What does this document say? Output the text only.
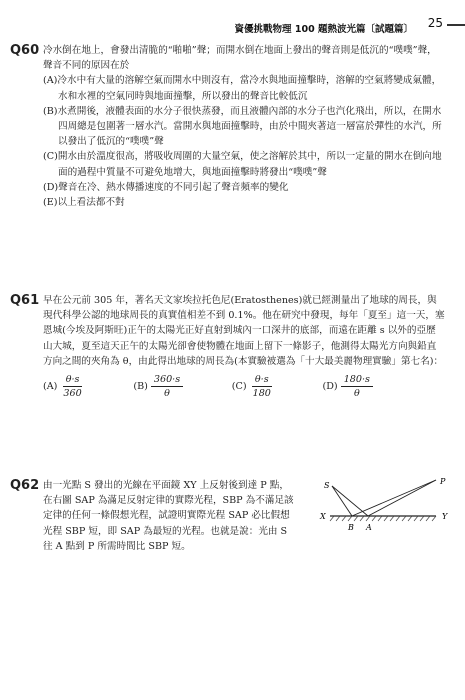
資優挑戰物理 100 題熱波光篇〔試題篇〕 25
Q60 冷水倒在地上，會發出清脆的“啪啪”聲；而開水倒在地面上發出的聲音則是低沉的“噗噗”聲，聲音不同的原因在於
(A)冷水中有大量的溶解空氣而開水中則沒有，當冷水與地面撞擊時，溶解的空氣將變成氣體，水和水裡的空氣同時與地面撞擊，所以發出的聲音比較低沉
(B)水煮開後，液體表面的水分子很快蒸發，而且液體內部的水分子也汽化飛出，所以，在開水四周總是包圍著一層水汽。當開水與地面撞擊時，由於中間夾著這一層富於彈性的水汽，所以發出了低沉的“噗噗”聲
(C)開水由於溫度很高，將吸收周圍的大量空氣，使之溶解於其中，所以一定量的開水在倒向地面的過程中質量不可避免地增大，與地面撞擊時將發出“噗噗”聲
(D)聲音在冷、熱水傳播速度的不同引起了聲音頻率的變化
(E)以上看法都不對
Q61 早在公元前 305 年，著名天文家埃拉托色尼(Eratosthenes)就已經測量出了地球的周長，與現代科學公認的地球周長的真實值相差不到 0.1%。他在研究中發現，每年「夏至」這一天，塞恩城(今埃及阿斯旺)正午的太陽光正好直射到城內一口深井的底部，而遠在距離 s 以外的亞歷山大城，夏至這天正午的太陽光卻會使物體在地面上留下一條影子，他測得太陽光方向與鉛直方向之間的夾角為 θ，由此得出地球的周長為(本實驗被選為「十大最美麗物理實驗」第七名)：
$(A) \frac{\theta\cdot s}{360}$	$(B) \frac{360\cdot s}{\theta}$	$(C) \frac{\theta\cdot s}{180}$	$(D) \frac{180\cdot s}{\theta}$
Q62 由一光點 S 發出的光線在平面鏡 XY 上反射後到達 P 點，在右圖 SAP 為滿足反射定律的實際光程，SBP 為不滿足該定律的任何一條假想光程，試證明實際光程 SAP 必比假想光程 SBP 短，即 SAP 為最短的光程。也就是說：光由 S 往 A 點到 P 所需時間比 SBP 短。
S	P
X	Y
B A
